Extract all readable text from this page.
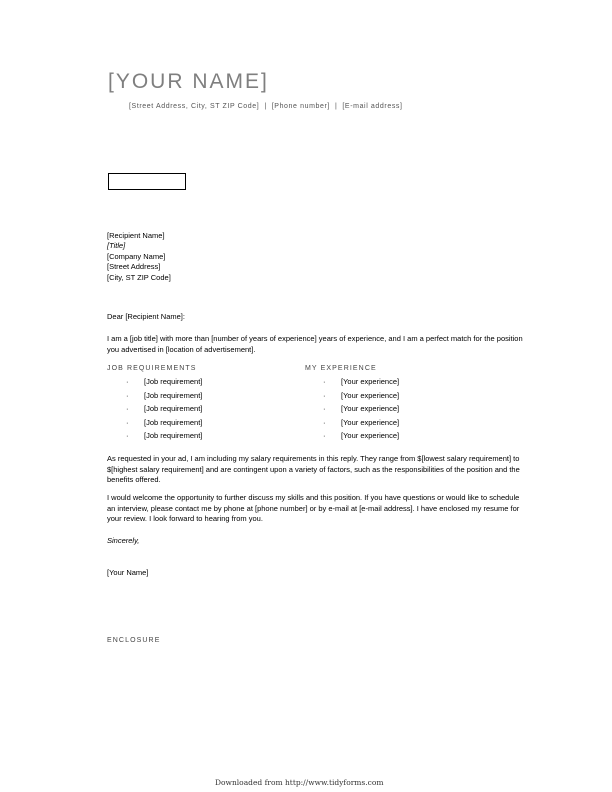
[YOUR NAME]
[Street Address, City, ST ZIP Code] | [Phone number] | [E-mail address]
[Recipient Name]
[Title]
[Company Name]
[Street Address]
[City, ST ZIP Code]
Dear [Recipient Name]:
I am a [job title] with more than [number of years of experience] years of experience, and I am a perfect match for the position you advertised in [location of advertisement].
JOB REQUIREMENTS	MY EXPERIENCE
· [Job requirement]
· [Job requirement]
· [Job requirement]
· [Job requirement]
· [Job requirement]
· [Your experience]
· [Your experience]
· [Your experience]
· [Your experience]
· [Your experience]
As requested in your ad, I am including my salary requirements in this reply. They range from $[lowest salary requirement] to $[highest salary requirement] and are contingent upon a variety of factors, such as the responsibilities of the position and the benefits offered.
I would welcome the opportunity to further discuss my skills and this position. If you have questions or would like to schedule an interview, please contact me by phone at [phone number] or by e-mail at [e-mail address]. I have enclosed my resume for your review. I look forward to hearing from you.
Sincerely,
[Your Name]
ENCLOSURE
Downloaded from http://www.tidyforms.com
